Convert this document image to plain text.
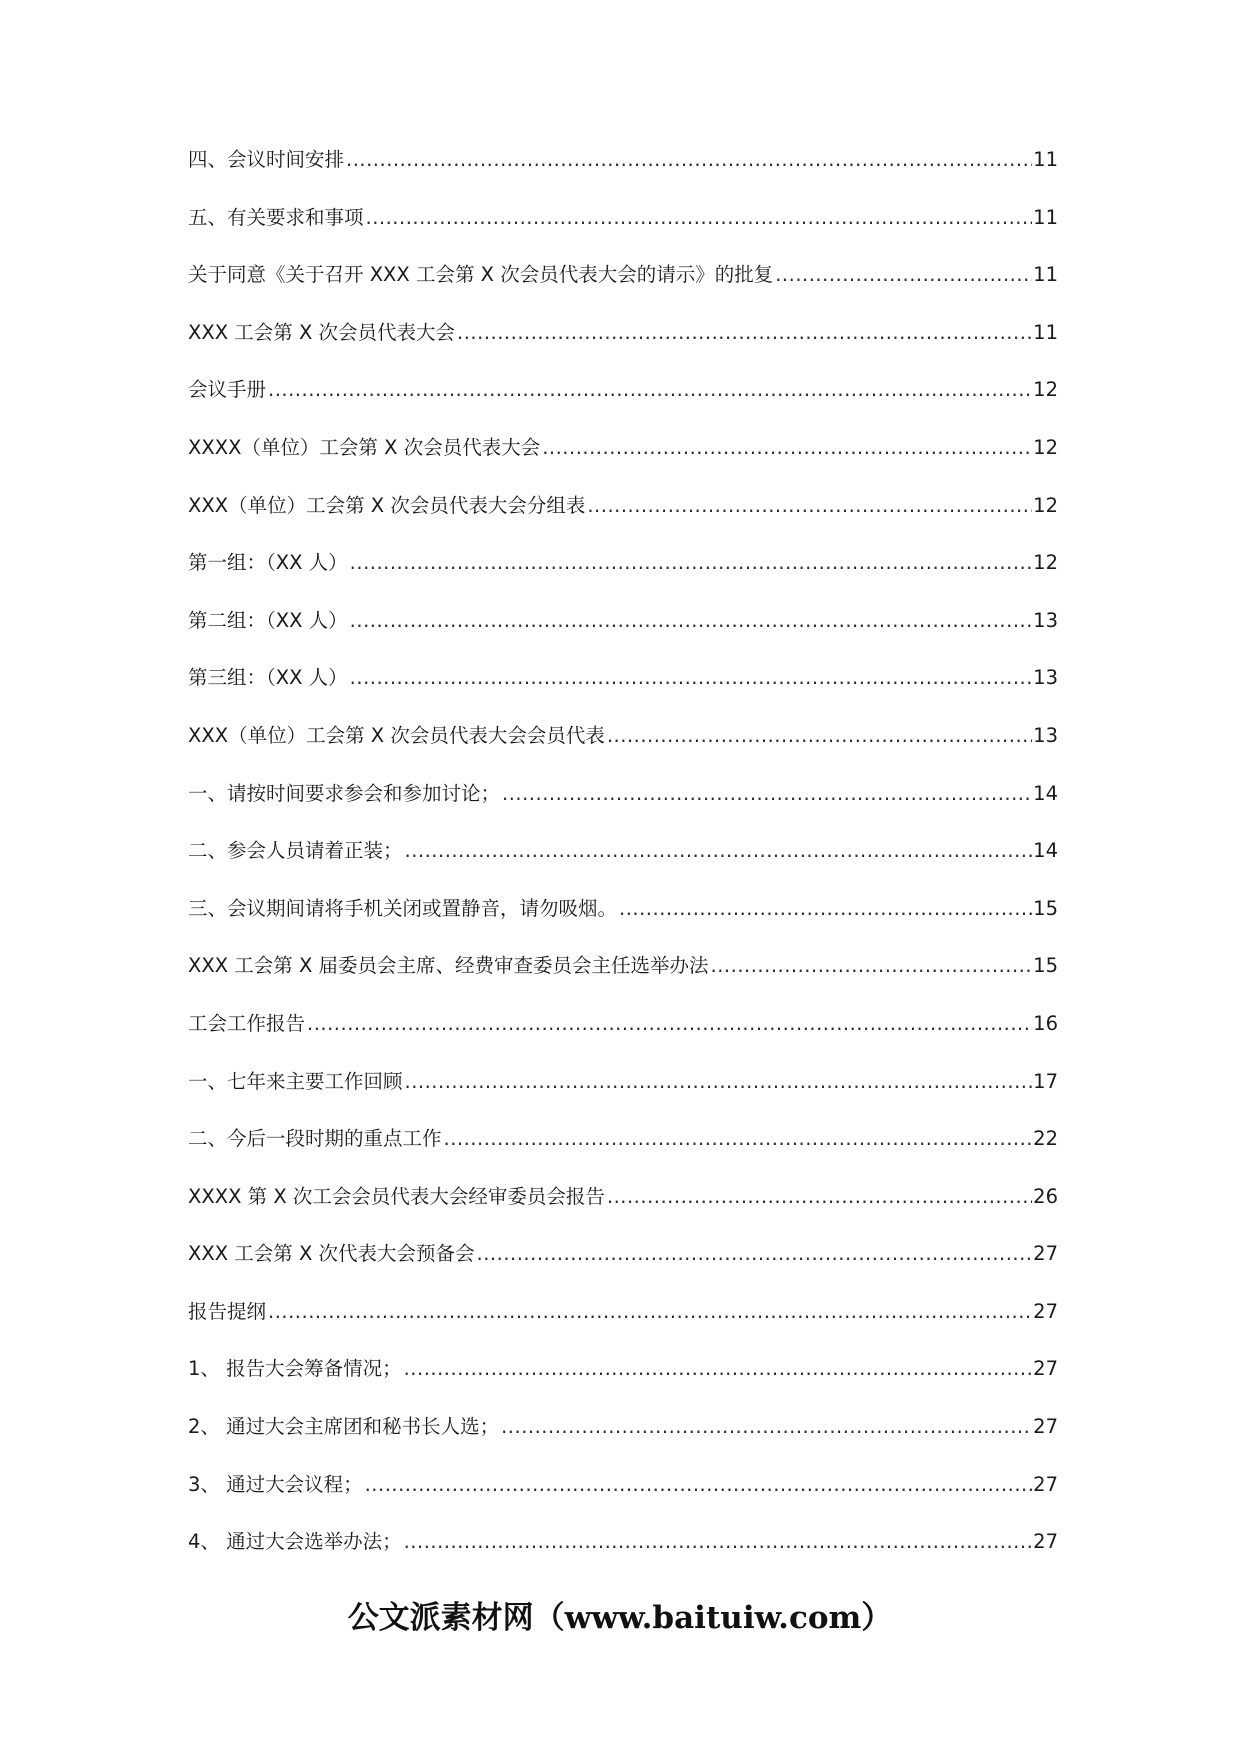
四、会议时间安排 .....	11
五、有关要求和事项 .....	11
关于同意《关于召开 XXX 工会第 X 次会员代表大会的请示》的批复 .....	11
XXX 工会第 X 次会员代表大会 .....	11
会议手册 .....	12
XXXX（单位）工会第 X 次会员代表大会 .....	12
XXX（单位）工会第 X 次会员代表大会分组表 .....	12
第一组：（XX 人） .....	12
第二组：（XX 人） .....	13
第三组：（XX 人） .....	13
XXX（单位）工会第 X 次会员代表大会会员代表 .....	13
一、请按时间要求参会和参加讨论； .....	14
二、参会人员请着正装； .....	14
三、会议期间请将手机关闭或置静音，请勿吸烟。 .....	15
XXX 工会第 X 届委员会主席、经费审查委员会主任选举办法 .....	15
工会工作报告 .....	16
一、七年来主要工作回顾 .....	17
二、今后一段时期的重点工作 .....	22
XXXX 第 X 次工会会员代表大会经审委员会报告 .....	26
XXX 工会第 X 次代表大会预备会 .....	27
报告提纲 .....	27
1、 报告大会筹备情况； .....	27
2、 通过大会主席团和秘书长人选； .....	27
3、 通过大会议程； .....	27
4、 通过大会选举办法； .....	27
公文派素材网（www.baituiw.com）
